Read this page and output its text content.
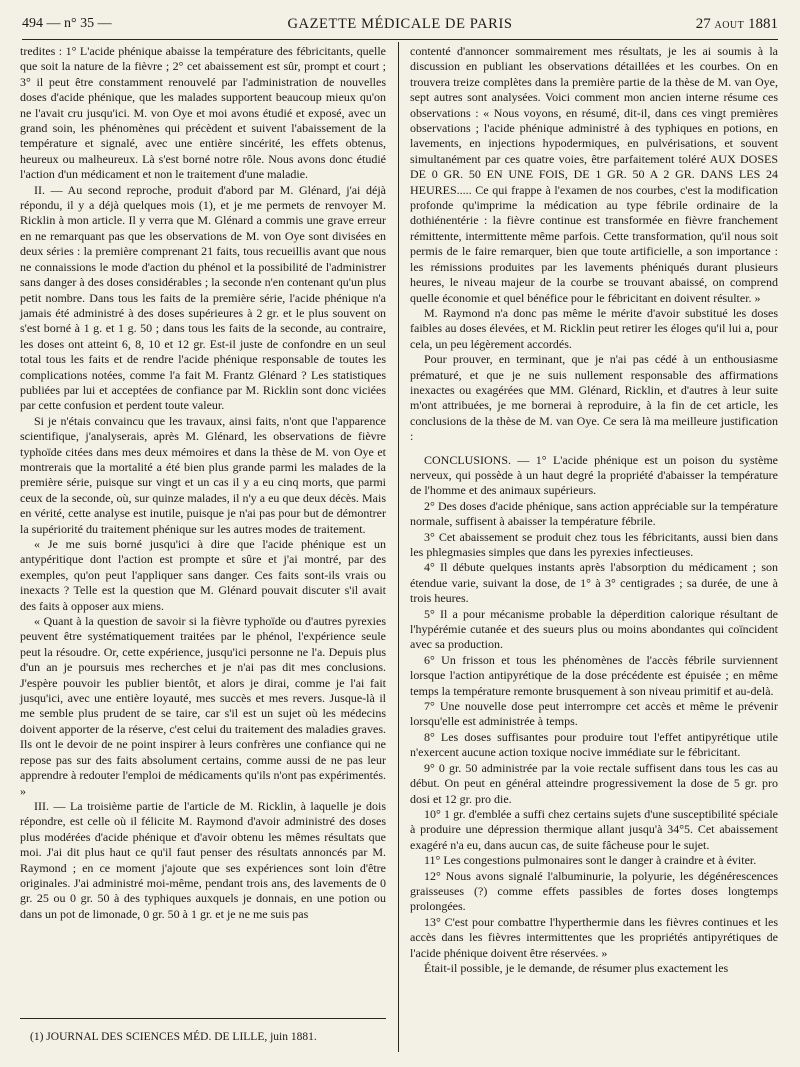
494 — n° 35 —	GAZETTE MÉDICALE DE PARIS	27 AOUT 1881

tredites : 1° L'acide phénique abaisse la température des fébricitants, quelle que soit la nature de la fièvre ; 2° cet abaissement est sûr, prompt et court ; 3° il peut être constamment renouvelé par l'administration de nouvelles doses d'acide phénique, que les malades supportent beaucoup mieux qu'on ne l'avait cru jusqu'ici. M. von Oye et moi avons étudié et exposé, avec un grand soin, les phénomènes qui précèdent et suivent l'abaissement de la température et signalé, avec une entière sincérité, les effets obtenus, heureux ou malheureux. Là s'est borné notre rôle. Nous avons donc étudié l'action d'un médicament et non le traitement d'une maladie.

II. — Au second reproche, produit d'abord par M. Glénard, j'ai déjà répondu, il y a déjà quelques mois (1), et je me permets de renvoyer M. Ricklin à mon article. Il y verra que M. Glénard a commis une grave erreur en ne remarquant pas que les observations de M. von Oye sont divisées en deux séries : la première comprenant 21 faits, tous recueillis avant que nous ne connaissions le mode d'action du phénol et la possibilité de l'administrer sans danger à des doses considérables ; la seconde n'en contenant qu'un plus petit nombre. Dans tous les faits de la première série, l'acide phénique n'a jamais été administré à des doses supérieures à 2 gr. et le plus souvent on s'est borné à 1 g. et 1 g. 50 ; dans tous les faits de la seconde, au contraire, les doses ont atteint 6, 8, 10 et 12 gr. Est-il juste de confondre en un seul total tous les faits et de rendre l'acide phénique responsable de toutes les complications notées, comme l'a fait M. Frantz Glénard ? Les statistiques publiées par lui et acceptées de confiance par M. Ricklin sont donc viciées par cette confusion et perdent toute valeur.

Si je n'étais convaincu que les travaux, ainsi faits, n'ont que l'apparence scientifique, j'analyserais, après M. Glénard, les observations de fièvre typhoïde citées dans mes deux mémoires et dans la thèse de M. von Oye et montrerais que la mortalité a été bien plus grande parmi les malades de la première série, puisque sur vingt et un cas il y a eu cinq morts, que parmi ceux de la seconde, où, sur quinze malades, il n'y a eu que deux décès. Mais en vérité, cette analyse est inutile, puisque je n'ai pas pour but de démontrer la supériorité du traitement phénique sur les autres modes de traitement.

« Je me suis borné jusqu'ici à dire que l'acide phénique est un antypéritique dont l'action est prompte et sûre et j'ai montré, par des exemples, qu'on peut l'appliquer sans danger. Ces faits sont-ils vrais ou inexacts ? Telle est la question que M. Glénard pouvait discuter s'il avait des faits à opposer aux miens.

« Quant à la question de savoir si la fièvre typhoïde ou d'autres pyrexies peuvent être systématiquement traitées par le phénol, l'expérience seule peut la résoudre. Or, cette expérience, jusqu'ici personne ne l'a. Depuis plus d'un an je poursuis mes recherches et je n'ai pas dit mes conclusions. J'espère pouvoir les publier bientôt, et alors je dirai, comme je l'ai fait jusqu'ici, avec une entière loyauté, mes succès et mes revers. Jusque-là il me semble plus prudent de se taire, car s'il est un sujet où les médecins doivent apporter de la réserve, c'est celui du traitement des maladies graves. Ils ont le devoir de ne point inspirer à leurs confrères une confiance qui ne repose pas sur des faits absolument certains, comme aussi de ne pas leur apprendre à redouter l'emploi de médicaments qu'ils n'ont pas expérimentés. »

III. — La troisième partie de l'article de M. Ricklin, à laquelle je dois répondre, est celle où il félicite M. Raymond d'avoir administré des doses plus modérées d'acide phénique et d'avoir obtenu les mêmes résultats que moi. J'ai dit plus haut ce qu'il faut penser des résultats annoncés par M. Raymond ; en ce moment j'ajoute que ses expériences sont loin d'être originales. J'ai administré moi-même, pendant trois ans, des lavements de 0 gr. 25 ou 0 gr. 50 à des typhiques auxquels je donnais, en une potion ou dans un pot de limonade, 0 gr. 50 à 1 gr. et je ne me suis pas

contenté d'annoncer sommairement mes résultats, je les ai soumis à la discussion en publiant les observations détaillées et les courbes. On en trouvera treize complètes dans la première partie de la thèse de M. van Oye, sept autres sont analysées. Voici comment mon ancien interne résume ces observations : « Nous voyons, en résumé, dit-il, dans ces vingt premières observations ; l'acide phénique administré à des typhiques en potions, en lavements, en injections hypodermiques, en pulvérisations, et souvent simultanément par ces quatre voies, être parfaitement toléré AUX DOSES DE 0 GR. 50 EN UNE FOIS, DE 1 GR. 50 A 2 GR. DANS LES 24 HEURES..... Ce qui frappe à l'examen de nos courbes, c'est la modification profonde qu'imprime la médication au type fébrile ordinaire de la dothiénentérie : la fièvre continue est transformée en fièvre franchement rémittente, intermittente même parfois. Cette transformation, qu'il nous soit permis de le faire remarquer, bien que toute artificielle, a son importance : les rémissions produites par les lavements phéniqués durant plusieurs heures, le niveau majeur de la courbe se trouvant abaissé, on comprend quelle économie et quel bénéfice pour le fébricitant en doivent résulter. »

M. Raymond n'a donc pas même le mérite d'avoir substitué les doses faibles au doses élevées, et M. Ricklin peut retirer les éloges qu'il lui a, pour cela, un peu légèrement accordés.

Pour prouver, en terminant, que je n'ai pas cédé à un enthousiasme prématuré, et que je ne suis nullement responsable des affirmations inexactes ou exagérées que MM. Glénard, Ricklin, et d'autres à leur suite m'ont attribuées, je me bornerai à reproduire, à la fin de cet article, les conclusions de la thèse de M. van Oye. Ce sera là ma meilleure justification :

CONCLUSIONS. — 1° L'acide phénique est un poison du système nerveux, qui possède à un haut degré la propriété d'abaisser la température de l'homme et des animaux supérieurs.

2° Des doses d'acide phénique, sans action appréciable sur la température normale, suffisent à abaisser la température fébrile.

3° Cet abaissement se produit chez tous les fébricitants, aussi bien dans les phlegmasies simples que dans les pyrexies infectieuses.

4° Il débute quelques instants après l'absorption du médicament ; son étendue varie, suivant la dose, de 1° à 3° centigrades ; sa durée, de une à trois heures.

5° Il a pour mécanisme probable la déperdition calorique résultant de l'hypérémie cutanée et des sueurs plus ou moins abondantes qui coïncident avec sa production.

6° Un frisson et tous les phénomènes de l'accès fébrile surviennent lorsque l'action antipyrétique de la dose précédente est épuisée ; en même temps la température remonte brusquement à son niveau primitif et au-delà.

7° Une nouvelle dose peut interrompre cet accès et même le prévenir lorsqu'elle est administrée à temps.

8° Les doses suffisantes pour produire tout l'effet antipyrétique utile n'exercent aucune action toxique nocive immédiate sur le fébricitant.

9° 0 gr. 50 administrée par la voie rectale suffisent dans tous les cas au début. On peut en général atteindre progressivement la dose de 5 gr. pro dosi et 12 gr. pro die.

10° 1 gr. d'emblée a suffi chez certains sujets d'une susceptibilité spéciale à produire une dépression thermique allant jusqu'à 34°5. Cet abaissement exagéré n'a eu, dans aucun cas, de suite fâcheuse pour le sujet.

11° Les congestions pulmonaires sont le danger à craindre et à éviter.

12° Nous avons signalé l'albuminurie, la polyurie, les dégénérescences graisseuses (?) comme effets passibles de fortes doses longtemps prolongées.

13° C'est pour combattre l'hyperthermie dans les fièvres continues et les accès dans les fièvres intermittentes que les propriétés antipyrétiques de l'acide phénique doivent être réservées. »

Était-il possible, je le demande, de résumer plus exactement les

(1) JOURNAL DES SCIENCES MÉD. DE LILLE, juin 1881.
